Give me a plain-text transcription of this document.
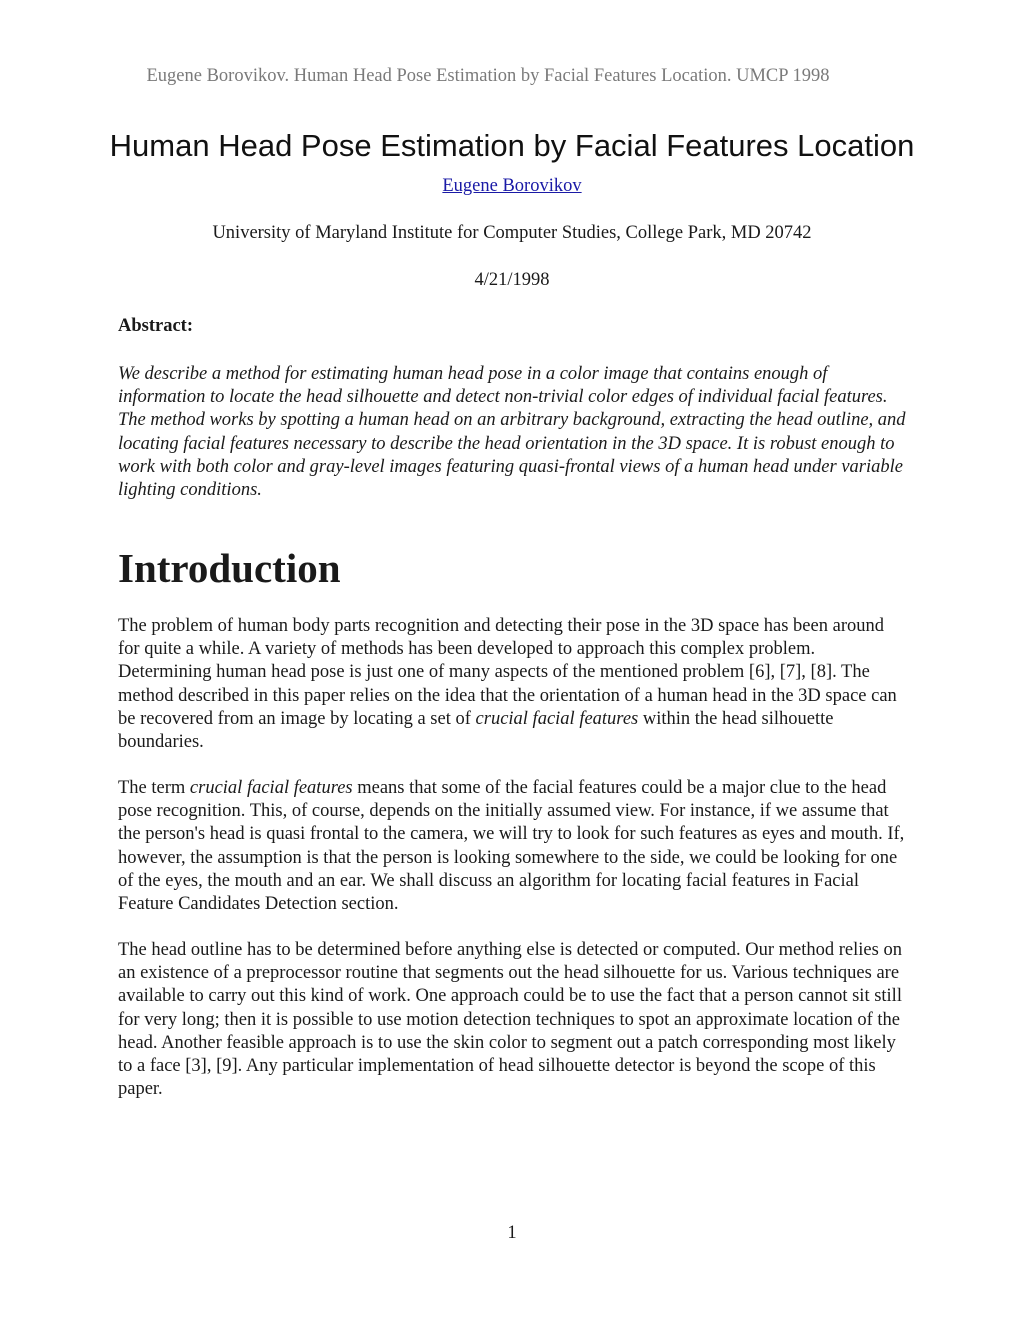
Eugene Borovikov. Human Head Pose Estimation by Facial Features Location. UMCP 1998
Human Head Pose Estimation by Facial Features Location
Eugene Borovikov
University of Maryland Institute for Computer Studies, College Park, MD 20742
4/21/1998
Abstract:

We describe a method for estimating human head pose in a color image that contains enough of information to locate the head silhouette and detect non-trivial color edges of individual facial features. The method works by spotting a human head on an arbitrary background, extracting the head outline, and locating facial features necessary to describe the head orientation in the 3D space. It is robust enough to work with both color and gray-level images featuring quasi-frontal views of a human head under variable lighting conditions.

Introduction

The problem of human body parts recognition and detecting their pose in the 3D space has been around for quite a while. A variety of methods has been developed to approach this complex problem. Determining human head pose is just one of many aspects of the mentioned problem [6], [7], [8]. The method described in this paper relies on the idea that the orientation of a human head in the 3D space can be recovered from an image by locating a set of crucial facial features within the head silhouette boundaries.

The term crucial facial features means that some of the facial features could be a major clue to the head pose recognition. This, of course, depends on the initially assumed view. For instance, if we assume that the person's head is quasi frontal to the camera, we will try to look for such features as eyes and mouth. If, however, the assumption is that the person is looking somewhere to the side, we could be looking for one of the eyes, the mouth and an ear. We shall discuss an algorithm for locating facial features in Facial Feature Candidates Detection section.

The head outline has to be determined before anything else is detected or computed. Our method relies on an existence of a preprocessor routine that segments out the head silhouette for us. Various techniques are available to carry out this kind of work. One approach could be to use the fact that a person cannot sit still for very long; then it is possible to use motion detection techniques to spot an approximate location of the head. Another feasible approach is to use the skin color to segment out a patch corresponding most likely to a face [3], [9]. Any particular implementation of head silhouette detector is beyond the scope of this paper.

1
